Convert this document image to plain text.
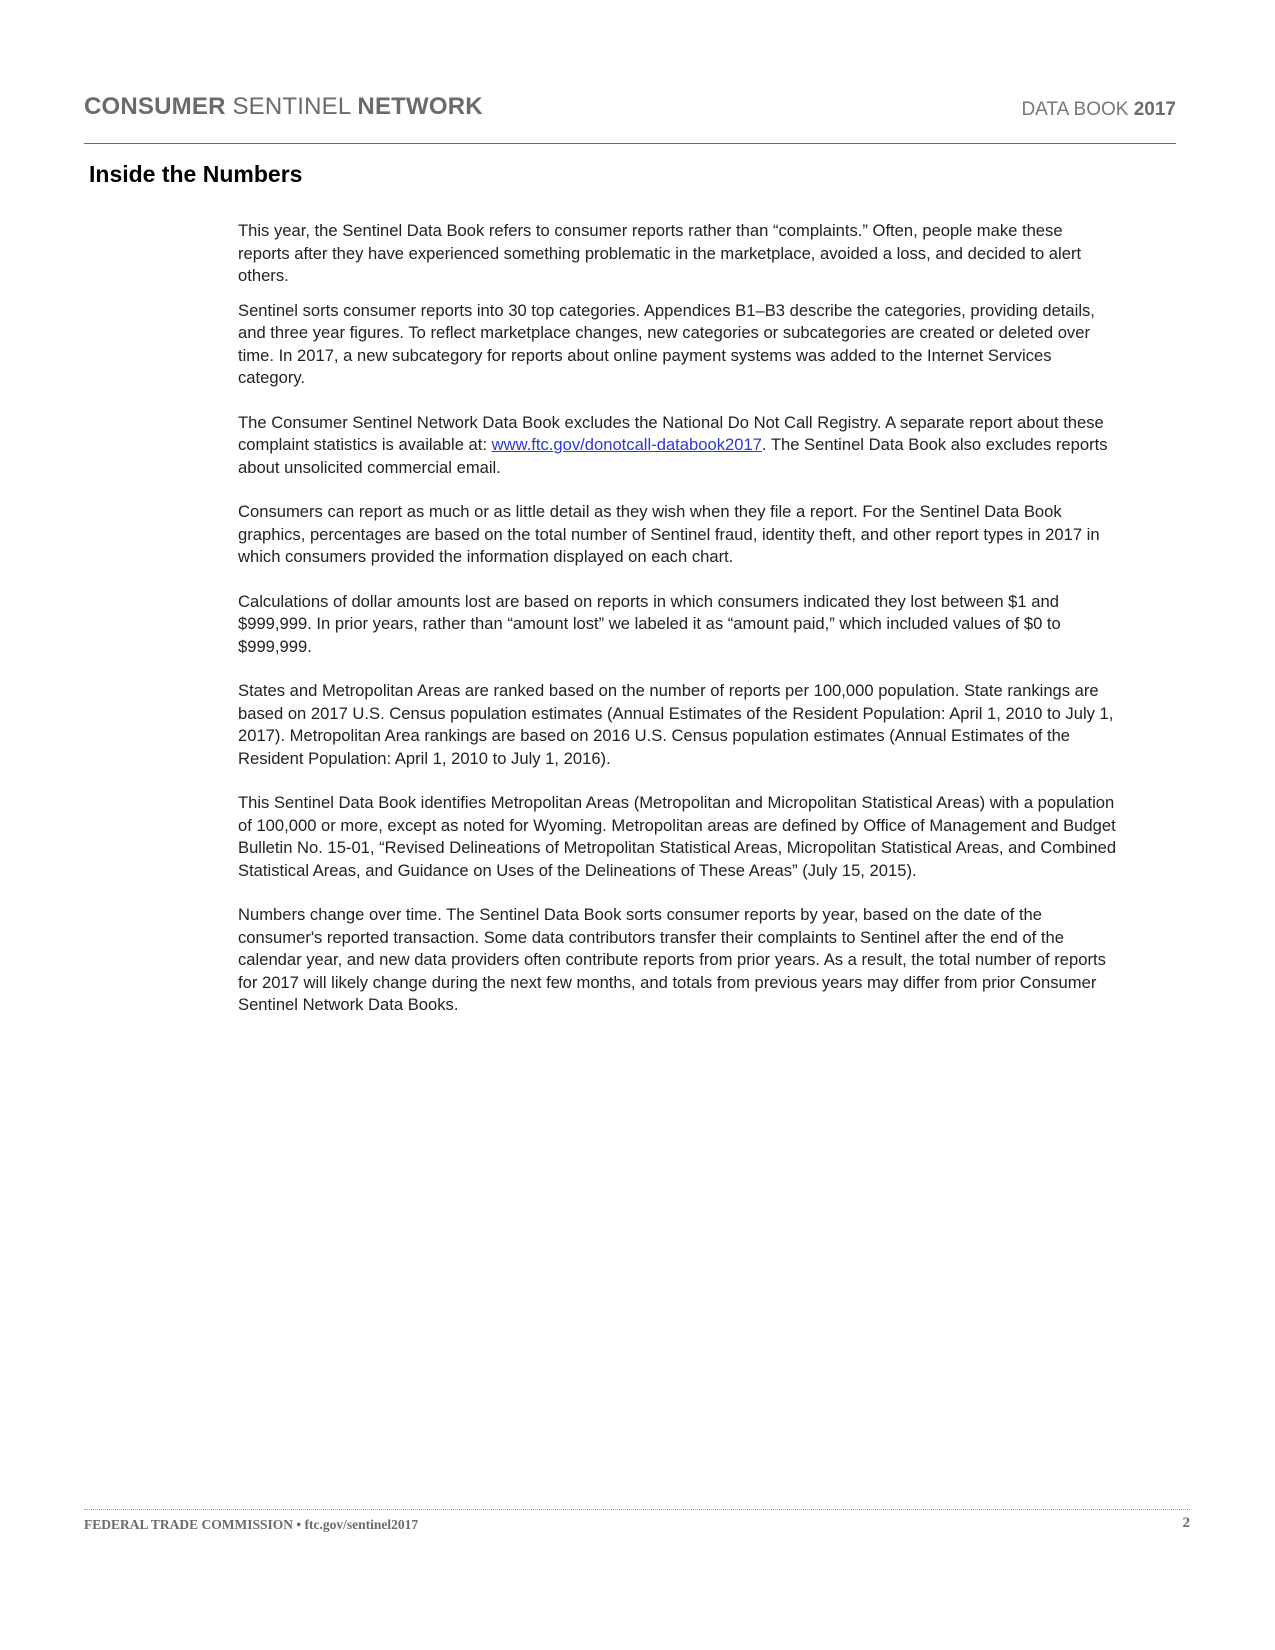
CONSUMER SENTINEL NETWORK	DATA BOOK 2017
Inside the Numbers

This year, the Sentinel Data Book refers to consumer reports rather than “complaints.” Often, people make these reports after they have experienced something problematic in the marketplace, avoided a loss, and decided to alert others.

Sentinel sorts consumer reports into 30 top categories. Appendices B1–B3 describe the categories, providing details, and three year figures. To reflect marketplace changes, new categories or subcategories are created or deleted over time. In 2017, a new subcategory for reports about online payment systems was added to the Internet Services category.

The Consumer Sentinel Network Data Book excludes the National Do Not Call Registry. A separate report about these complaint statistics is available at: www.ftc.gov/donotcall-databook2017. The Sentinel Data Book also excludes reports about unsolicited commercial email.

Consumers can report as much or as little detail as they wish when they file a report. For the Sentinel Data Book graphics, percentages are based on the total number of Sentinel fraud, identity theft, and other report types in 2017 in which consumers provided the information displayed on each chart.

Calculations of dollar amounts lost are based on reports in which consumers indicated they lost between $1 and $999,999. In prior years, rather than “amount lost” we labeled it as “amount paid,” which included values of $0 to $999,999.

States and Metropolitan Areas are ranked based on the number of reports per 100,000 population. State rankings are based on 2017 U.S. Census population estimates (Annual Estimates of the Resident Population: April 1, 2010 to July 1, 2017). Metropolitan Area rankings are based on 2016 U.S. Census population estimates (Annual Estimates of the Resident Population: April 1, 2010 to July 1, 2016).

This Sentinel Data Book identifies Metropolitan Areas (Metropolitan and Micropolitan Statistical Areas) with a population of 100,000 or more, except as noted for Wyoming. Metropolitan areas are defined by Office of Management and Budget Bulletin No. 15-01, “Revised Delineations of Metropolitan Statistical Areas, Micropolitan Statistical Areas, and Combined Statistical Areas, and Guidance on Uses of the Delineations of These Areas” (July 15, 2015).

Numbers change over time. The Sentinel Data Book sorts consumer reports by year, based on the date of the consumer's reported transaction. Some data contributors transfer their complaints to Sentinel after the end of the calendar year, and new data providers often contribute reports from prior years. As a result, the total number of reports for 2017 will likely change during the next few months, and totals from previous years may differ from prior Consumer Sentinel Network Data Books.

FEDERAL TRADE COMMISSION • ftc.gov/sentinel2017	2
